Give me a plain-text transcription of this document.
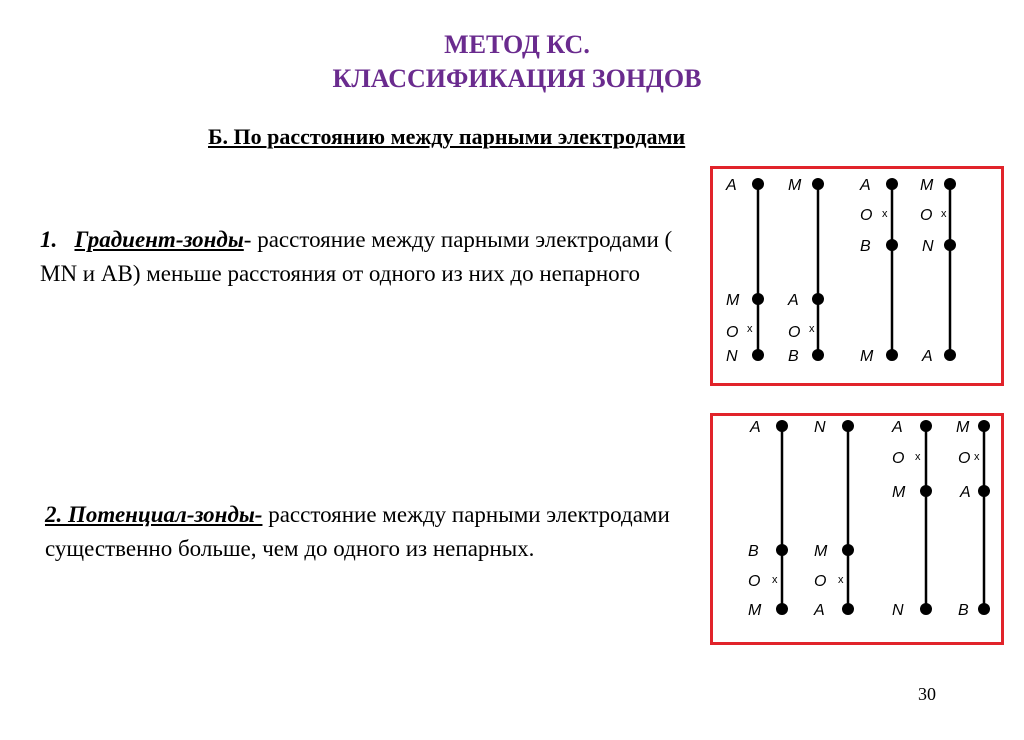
МЕТОД КС.
КЛАССИФИКАЦИЯ ЗОНДОВ
Б. По расстоянию между парными электродами
1. Градиент-зонды- расстояние между парными электродами ( MN и AB) меньше расстояния от одного из них до непарного
2. Потенциал-зонды- расстояние между парными электродами существенно больше, чем до одного из непарных.
A
M
O x
N
M
A
O x
B
A
O x
B
M
M
O x
N
A
A
B
O x
M
N
M
O x
A
A
O x
M
N
M
O x
A
B
30
